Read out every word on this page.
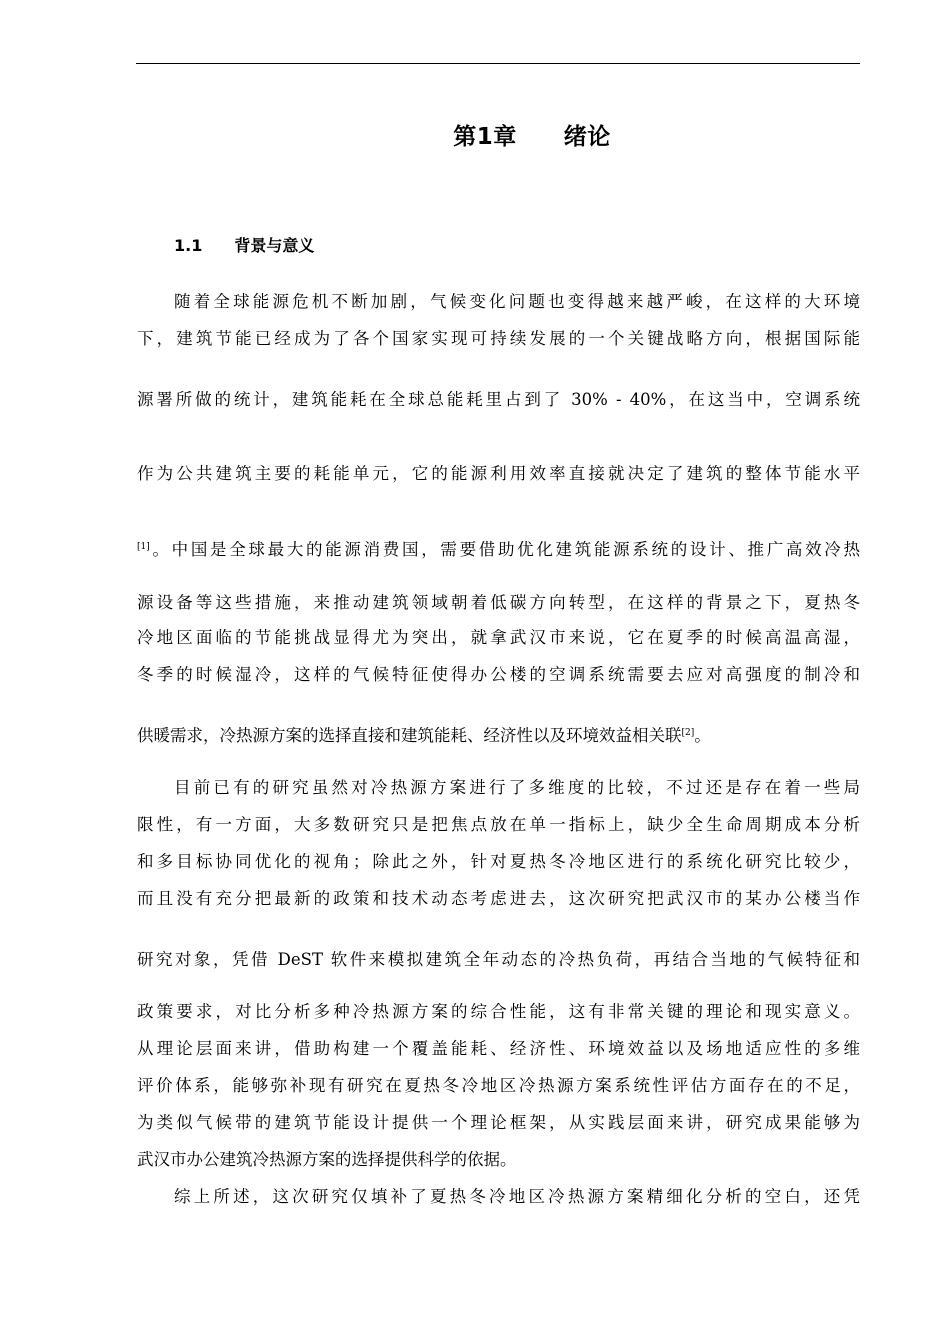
第1章　　绪论
1.1　　背景与意义
随着全球能源危机不断加剧，气候变化问题也变得越来越严峻，在这样的大环境
下，建筑节能已经成为了各个国家实现可持续发展的一个关键战略方向，根据国际能
源署所做的统计，建筑能耗在全球总能耗里占到了 30% - 40%，在这当中，空调系统
作为公共建筑主要的耗能单元，它的能源利用效率直接就决定了建筑的整体节能水平
[1]。中国是全球最大的能源消费国，需要借助优化建筑能源系统的设计、推广高效冷热
源设备等这些措施，来推动建筑领域朝着低碳方向转型，在这样的背景之下，夏热冬
冷地区面临的节能挑战显得尤为突出，就拿武汉市来说，它在夏季的时候高温高湿，
冬季的时候湿冷，这样的气候特征使得办公楼的空调系统需要去应对高强度的制冷和
供暖需求，冷热源方案的选择直接和建筑能耗、经济性以及环境效益相关联[2]。
目前已有的研究虽然对冷热源方案进行了多维度的比较，不过还是存在着一些局
限性，有一方面，大多数研究只是把焦点放在单一指标上，缺少全生命周期成本分析
和多目标协同优化的视角；除此之外，针对夏热冬冷地区进行的系统化研究比较少，
而且没有充分把最新的政策和技术动态考虑进去，这次研究把武汉市的某办公楼当作
研究对象，凭借 DeST 软件来模拟建筑全年动态的冷热负荷，再结合当地的气候特征和
政策要求，对比分析多种冷热源方案的综合性能，这有非常关键的理论和现实意义。
从理论层面来讲，借助构建一个覆盖能耗、经济性、环境效益以及场地适应性的多维
评价体系，能够弥补现有研究在夏热冬冷地区冷热源方案系统性评估方面存在的不足，
为类似气候带的建筑节能设计提供一个理论框架，从实践层面来讲，研究成果能够为
武汉市办公建筑冷热源方案的选择提供科学的依据。
综上所述，这次研究仅填补了夏热冬冷地区冷热源方案精细化分析的空白，还凭
